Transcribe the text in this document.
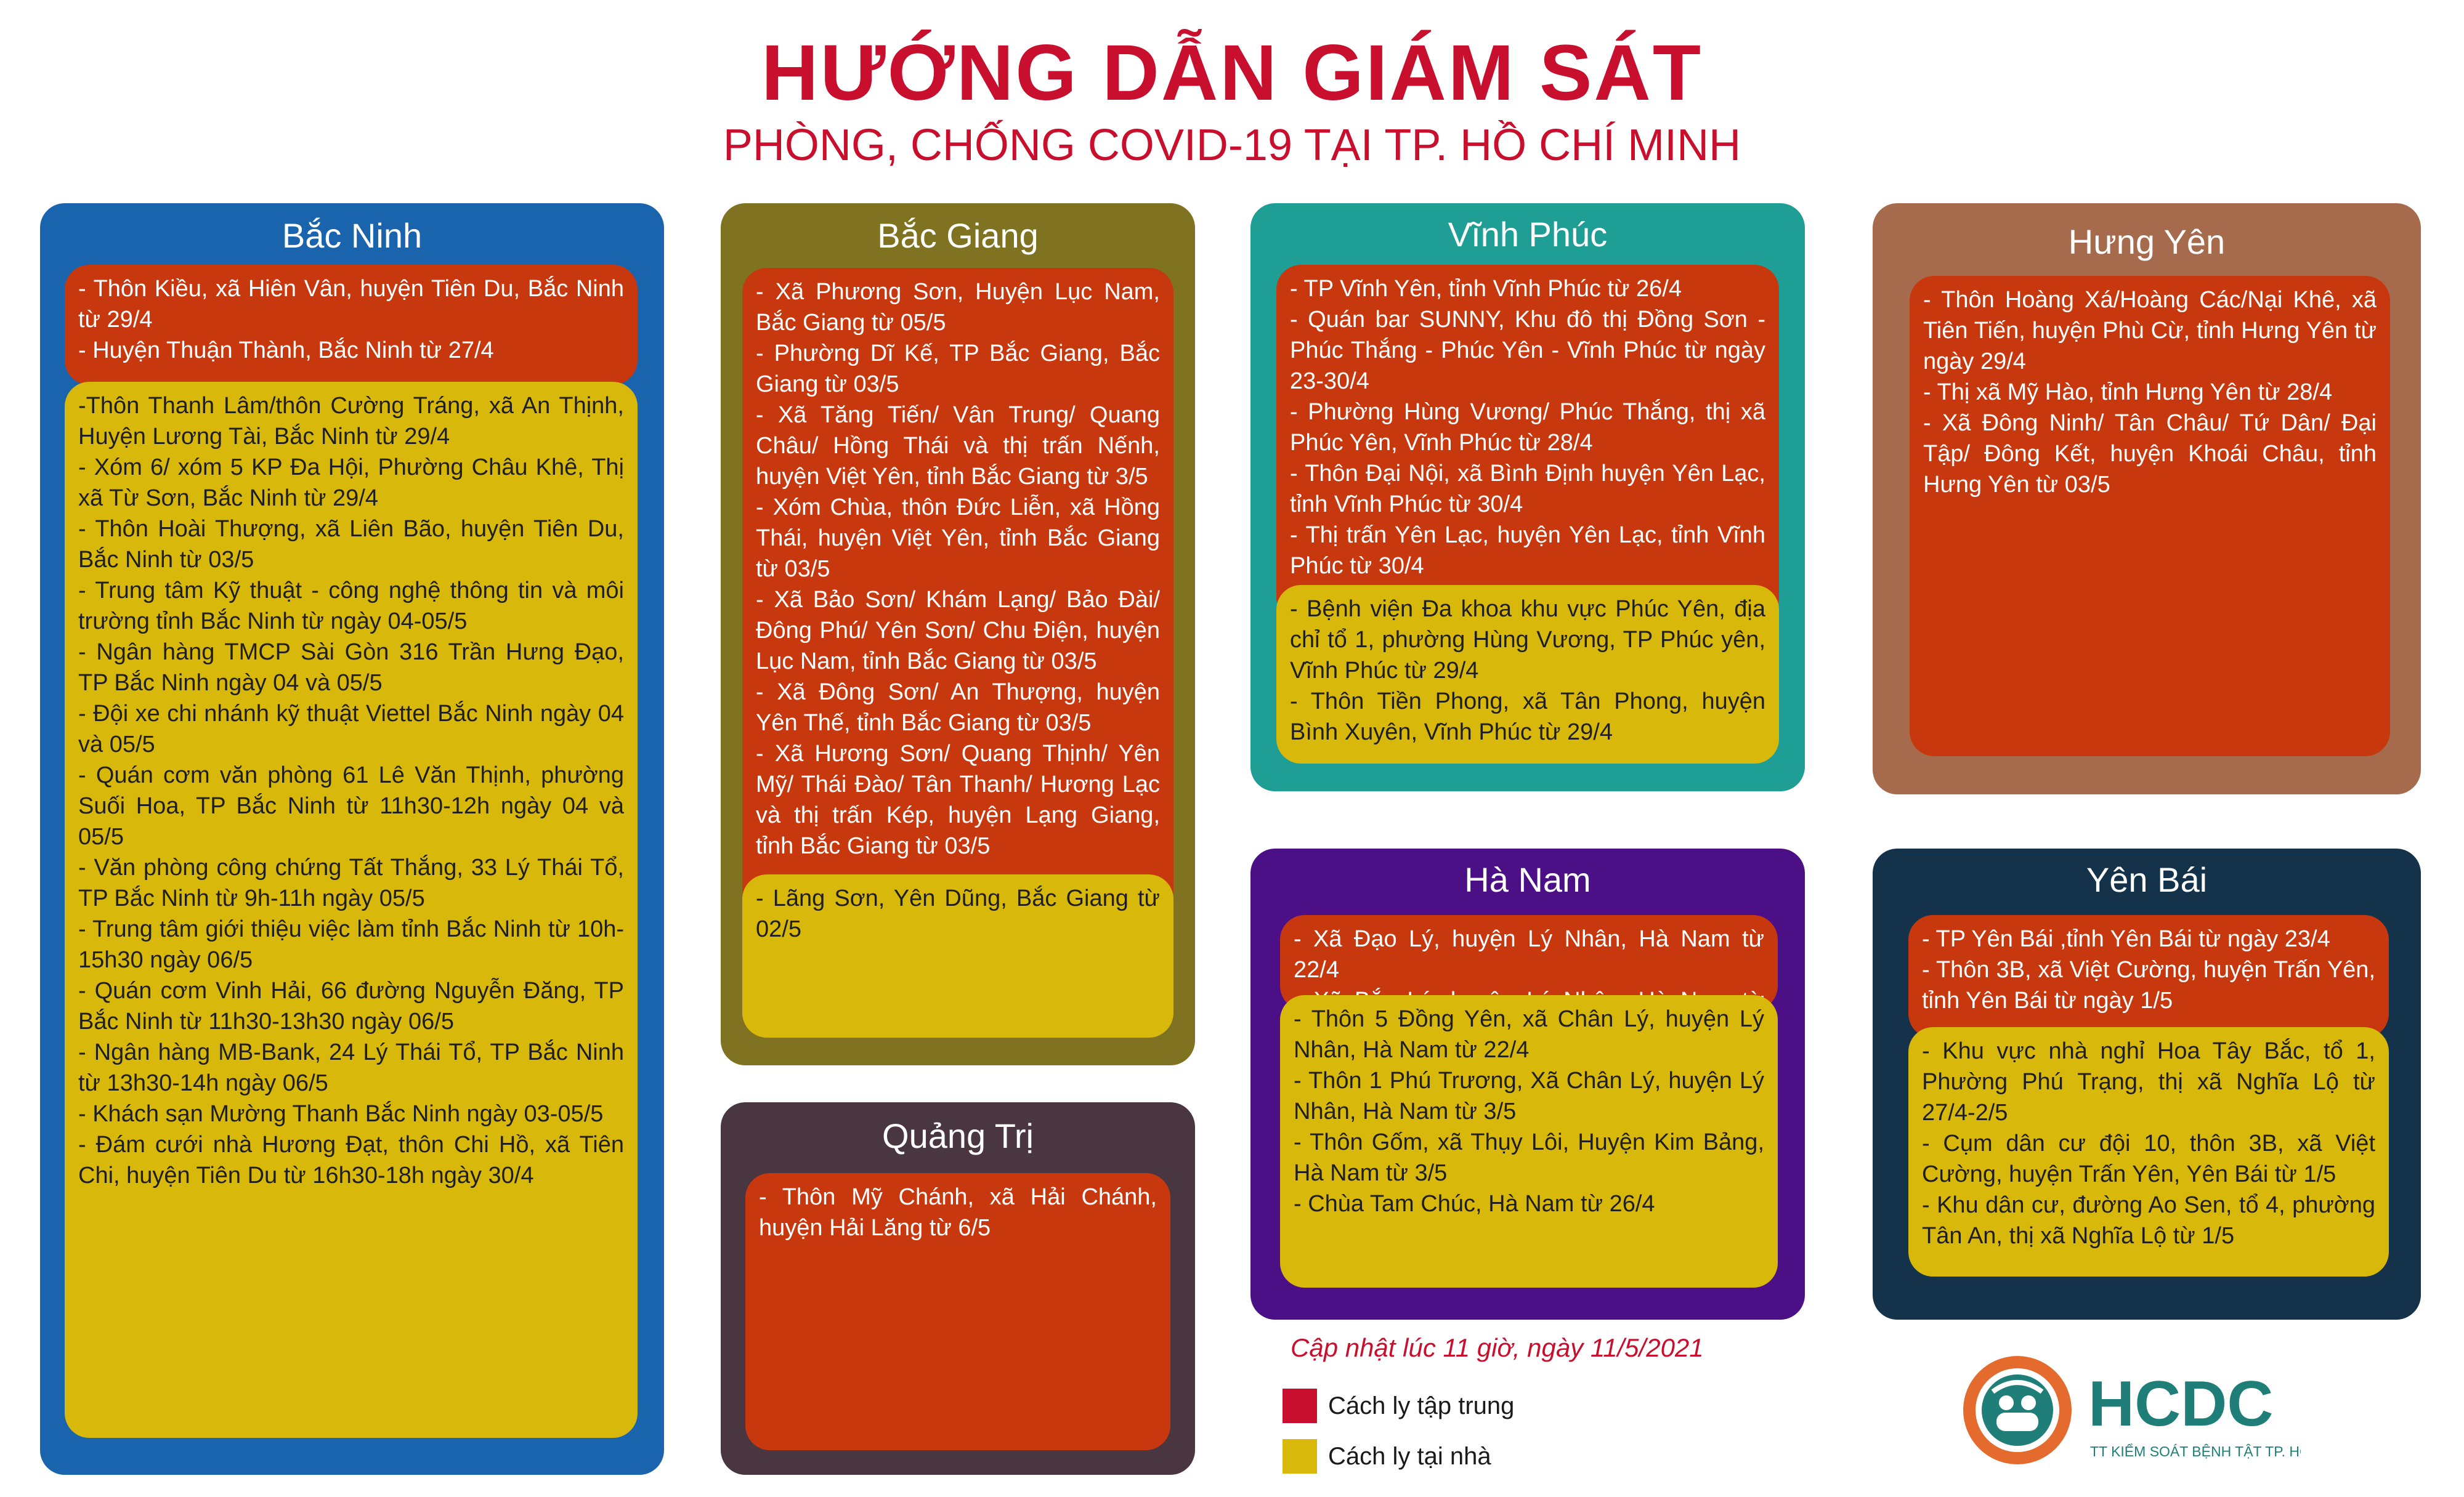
HƯỚNG DẪN GIÁM SÁT
PHÒNG, CHỐNG COVID-19 TẠI TP. HỒ CHÍ MINH
Bắc Ninh
- Thôn Kiều, xã Hiên Vân, huyện Tiên Du, Bắc Ninh từ 29/4
- Huyện Thuận Thành, Bắc Ninh từ 27/4
-Thôn Thanh Lâm/thôn Cường Tráng, xã An Thịnh, Huyện Lương Tài, Bắc Ninh từ 29/4
- Xóm 6/ xóm 5 KP Đa Hội, Phường Châu Khê, Thị xã Từ Sơn, Bắc Ninh từ 29/4
- Thôn Hoài Thượng, xã Liên Bão, huyện Tiên Du, Bắc Ninh từ 03/5
- Trung tâm Kỹ thuật - công nghệ thông tin và môi trường tỉnh Bắc Ninh từ ngày 04-05/5
- Ngân hàng TMCP Sài Gòn 316 Trần Hưng Đạo, TP Bắc Ninh ngày 04 và 05/5
- Đội xe chi nhánh kỹ thuật Viettel Bắc Ninh ngày 04 và 05/5
- Quán cơm văn phòng 61 Lê Văn Thịnh, phường Suối Hoa, TP Bắc Ninh từ 11h30-12h ngày 04 và 05/5
- Văn phòng công chứng Tất Thắng, 33 Lý Thái Tổ, TP Bắc Ninh từ 9h-11h ngày 05/5
- Trung tâm giới thiệu việc làm tỉnh Bắc Ninh từ 10h-15h30 ngày 06/5
- Quán cơm Vinh Hải, 66 đường Nguyễn Đăng, TP Bắc Ninh từ 11h30-13h30 ngày 06/5
- Ngân hàng MB-Bank, 24 Lý Thái Tổ, TP Bắc Ninh từ 13h30-14h ngày 06/5
- Khách sạn Mường Thanh Bắc Ninh ngày 03-05/5
- Đám cưới nhà Hương Đạt, thôn Chi Hồ, xã Tiên Chi, huyện Tiên Du từ 16h30-18h ngày 30/4
Bắc Giang
- Xã Phương Sơn, Huyện Lục Nam, Bắc Giang từ 05/5
- Phường Dĩ Kế, TP Bắc Giang, Bắc Giang từ 03/5
- Xã Tăng Tiến/ Vân Trung/ Quang Châu/ Hồng Thái và thị trấn Nếnh, huyện Việt Yên, tỉnh Bắc Giang từ 3/5
- Xóm Chùa, thôn Đức Liễn, xã Hồng Thái, huyện Việt Yên, tỉnh Bắc Giang từ 03/5
- Xã Bảo Sơn/ Khám Lạng/ Bảo Đài/ Đông Phú/ Yên Sơn/ Chu Điện, huyện Lục Nam, tỉnh Bắc Giang từ 03/5
- Xã Đông Sơn/ An Thượng, huyện Yên Thế, tỉnh Bắc Giang từ 03/5
- Xã Hương Sơn/ Quang Thịnh/ Yên Mỹ/ Thái Đào/ Tân Thanh/ Hương Lạc và thị trấn Kép, huyện Lạng Giang, tỉnh Bắc Giang từ 03/5
- Lãng Sơn, Yên Dũng, Bắc Giang từ 02/5
Quảng Trị
- Thôn Mỹ Chánh, xã Hải Chánh, huyện Hải Lăng từ 6/5
Vĩnh Phúc
- TP Vĩnh Yên, tỉnh Vĩnh Phúc từ 26/4
- Quán bar SUNNY, Khu đô thị Đồng Sơn - Phúc Thắng - Phúc Yên - Vĩnh Phúc từ ngày 23-30/4
- Phường Hùng Vương/ Phúc Thắng, thị xã Phúc Yên, Vĩnh Phúc từ 28/4
- Thôn Đại Nội, xã Bình Định huyện Yên Lạc, tỉnh Vĩnh Phúc từ 30/4
- Thị trấn Yên Lạc, huyện Yên Lạc, tỉnh Vĩnh Phúc từ 30/4
- Bệnh viện Đa khoa khu vực Phúc Yên, địa chỉ tổ 1, phường Hùng Vương, TP Phúc yên, Vĩnh Phúc từ 29/4
- Thôn Tiền Phong, xã Tân Phong, huyện Bình Xuyên, Vĩnh Phúc từ 29/4
Hà Nam
- Xã Đạo Lý, huyện Lý Nhân, Hà Nam từ 22/4
- Thôn 5 Đồng Yên, xã Chân Lý, huyện Lý Nhân, Hà Nam từ 22/4
- Thôn 1 Phú Trương, Xã Chân Lý, huyện Lý Nhân, Hà Nam từ 3/5
- Thôn Gốm, xã Thụy Lôi, Huyện Kim Bảng, Hà Nam từ 3/5
- Chùa Tam Chúc, Hà Nam từ 26/4
Hưng Yên
- Thôn Hoàng Xá/Hoàng Các/Nại Khê, xã Tiên Tiến, huyện Phù Cừ, tỉnh Hưng Yên từ ngày 29/4
- Thị xã Mỹ Hào, tỉnh Hưng Yên từ 28/4
- Xã Đông Ninh/ Tân Châu/ Tứ Dân/ Đại Tập/ Đông Kết, huyện Khoái Châu, tỉnh Hưng Yên từ 03/5
Yên Bái
- TP Yên Bái ,tỉnh Yên Bái từ ngày 23/4
- Thôn 3B, xã Việt Cường, huyện Trấn Yên, tỉnh Yên Bái từ ngày 1/5
- Khu vực nhà nghỉ Hoa Tây Bắc, tổ 1, Phường Phú Trạng, thị xã Nghĩa Lộ từ 27/4-2/5
- Cụm dân cư đội 10, thôn 3B, xã Việt Cường, huyện Trấn Yên, Yên Bái từ 1/5
- Khu dân cư, đường Ao Sen, tổ 4, phường Tân An, thị xã Nghĩa Lộ từ 1/5
Cập nhật lúc 11 giờ, ngày 11/5/2021
Cách ly tập trung
Cách ly tại nhà
HCDC
TT KIỂM SOÁT BỆNH TẬT TP. HCM
